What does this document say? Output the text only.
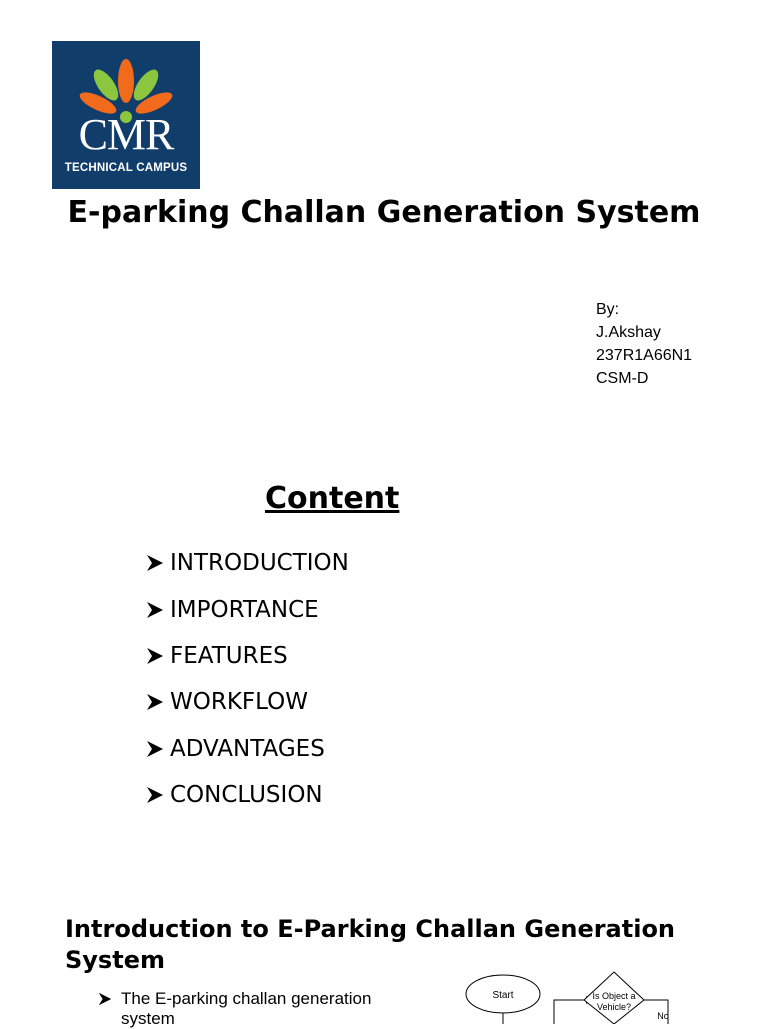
CMR
TECHNICAL CAMPUS
E-parking Challan Generation System
By:
J.Akshay
237R1A66N1
CSM-D
Content
INTRODUCTION
IMPORTANCE
FEATURES
WORKFLOW
ADVANTAGES
CONCLUSION
Introduction to E-Parking Challan Generation System
The E-parking challan generation system
Start	Is Object a
Vehicle?
No
